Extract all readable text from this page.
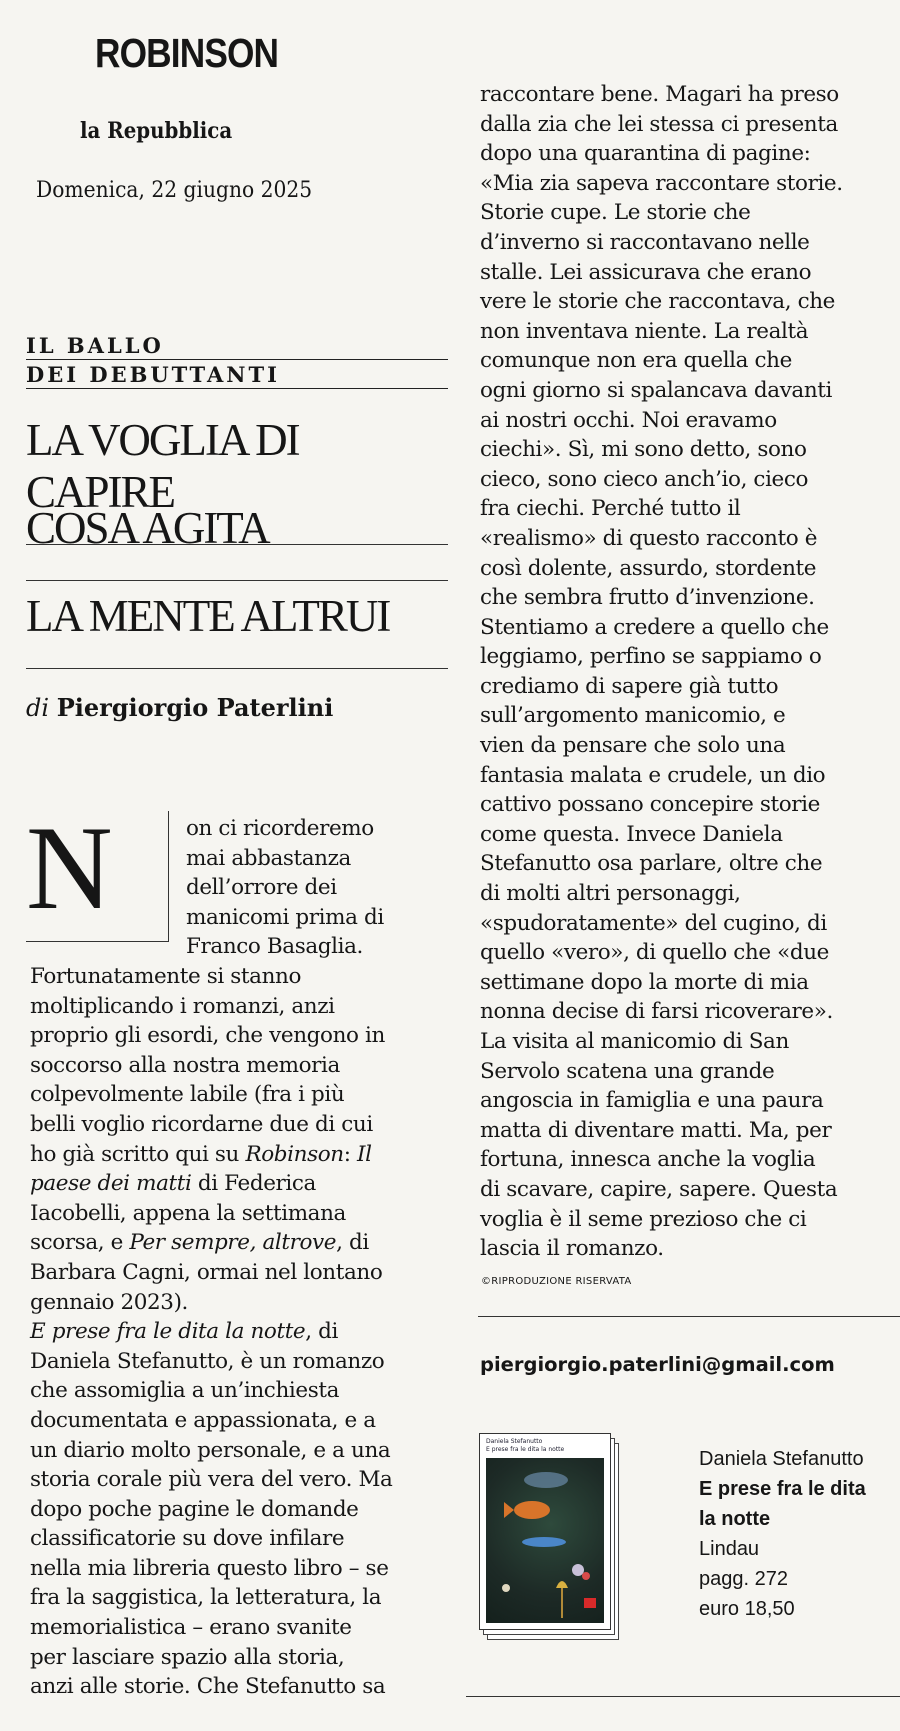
ROBINSON
la Repubblica
Domenica, 22 giugno 2025
IL BALLO
DEI DEBUTTANTI
LA VOGLIA DI CAPIRE
COSA AGITA
LA MENTE ALTRUI
di Piergiorgio Paterlini
N	on ci ricorderemo
mai abbastanza
dell’orrore dei
manicomi prima di
Franco Basaglia.
Fortunatamente si stanno
moltiplicando i romanzi, anzi
proprio gli esordi, che vengono in
soccorso alla nostra memoria
colpevolmente labile (fra i più
belli voglio ricordarne due di cui
ho già scritto qui su Robinson: Il
paese dei matti di Federica
Iacobelli, appena la settimana
scorsa, e Per sempre, altrove, di
Barbara Cagni, ormai nel lontano
gennaio 2023).
E prese fra le dita la notte, di
Daniela Stefanutto, è un romanzo
che assomiglia a un’inchiesta
documentata e appassionata, e a
un diario molto personale, e a una
storia corale più vera del vero. Ma
dopo poche pagine le domande
classificatorie su dove infilare
nella mia libreria questo libro – se
fra la saggistica, la letteratura, la
memorialistica – erano svanite
per lasciare spazio alla storia,
anzi alle storie. Che Stefanutto sa
raccontare bene. Magari ha preso
dalla zia che lei stessa ci presenta
dopo una quarantina di pagine:
«Mia zia sapeva raccontare storie.
Storie cupe. Le storie che
d’inverno si raccontavano nelle
stalle. Lei assicurava che erano
vere le storie che raccontava, che
non inventava niente. La realtà
comunque non era quella che
ogni giorno si spalancava davanti
ai nostri occhi. Noi eravamo
ciechi». Sì, mi sono detto, sono
cieco, sono cieco anch’io, cieco
fra ciechi. Perché tutto il
«realismo» di questo racconto è
così dolente, assurdo, stordente
che sembra frutto d’invenzione.
Stentiamo a credere a quello che
leggiamo, perfino se sappiamo o
crediamo di sapere già tutto
sull’argomento manicomio, e
vien da pensare che solo una
fantasia malata e crudele, un dio
cattivo possano concepire storie
come questa. Invece Daniela
Stefanutto osa parlare, oltre che
di molti altri personaggi,
«spudoratamente» del cugino, di
quello «vero», di quello che «due
settimane dopo la morte di mia
nonna decise di farsi ricoverare».
La visita al manicomio di San
Servolo scatena una grande
angoscia in famiglia e una paura
matta di diventare matti. Ma, per
fortuna, innesca anche la voglia
di scavare, capire, sapere. Questa
voglia è il seme prezioso che ci
lascia il romanzo.
©RIPRODUZIONE RISERVATA
piergiorgio.paterlini@gmail.com
Daniela Stefanutto
E prese fra le dita la notte	Daniela Stefanutto
E prese fra le dita
la notte
Lindau
pagg. 272
euro 18,50
